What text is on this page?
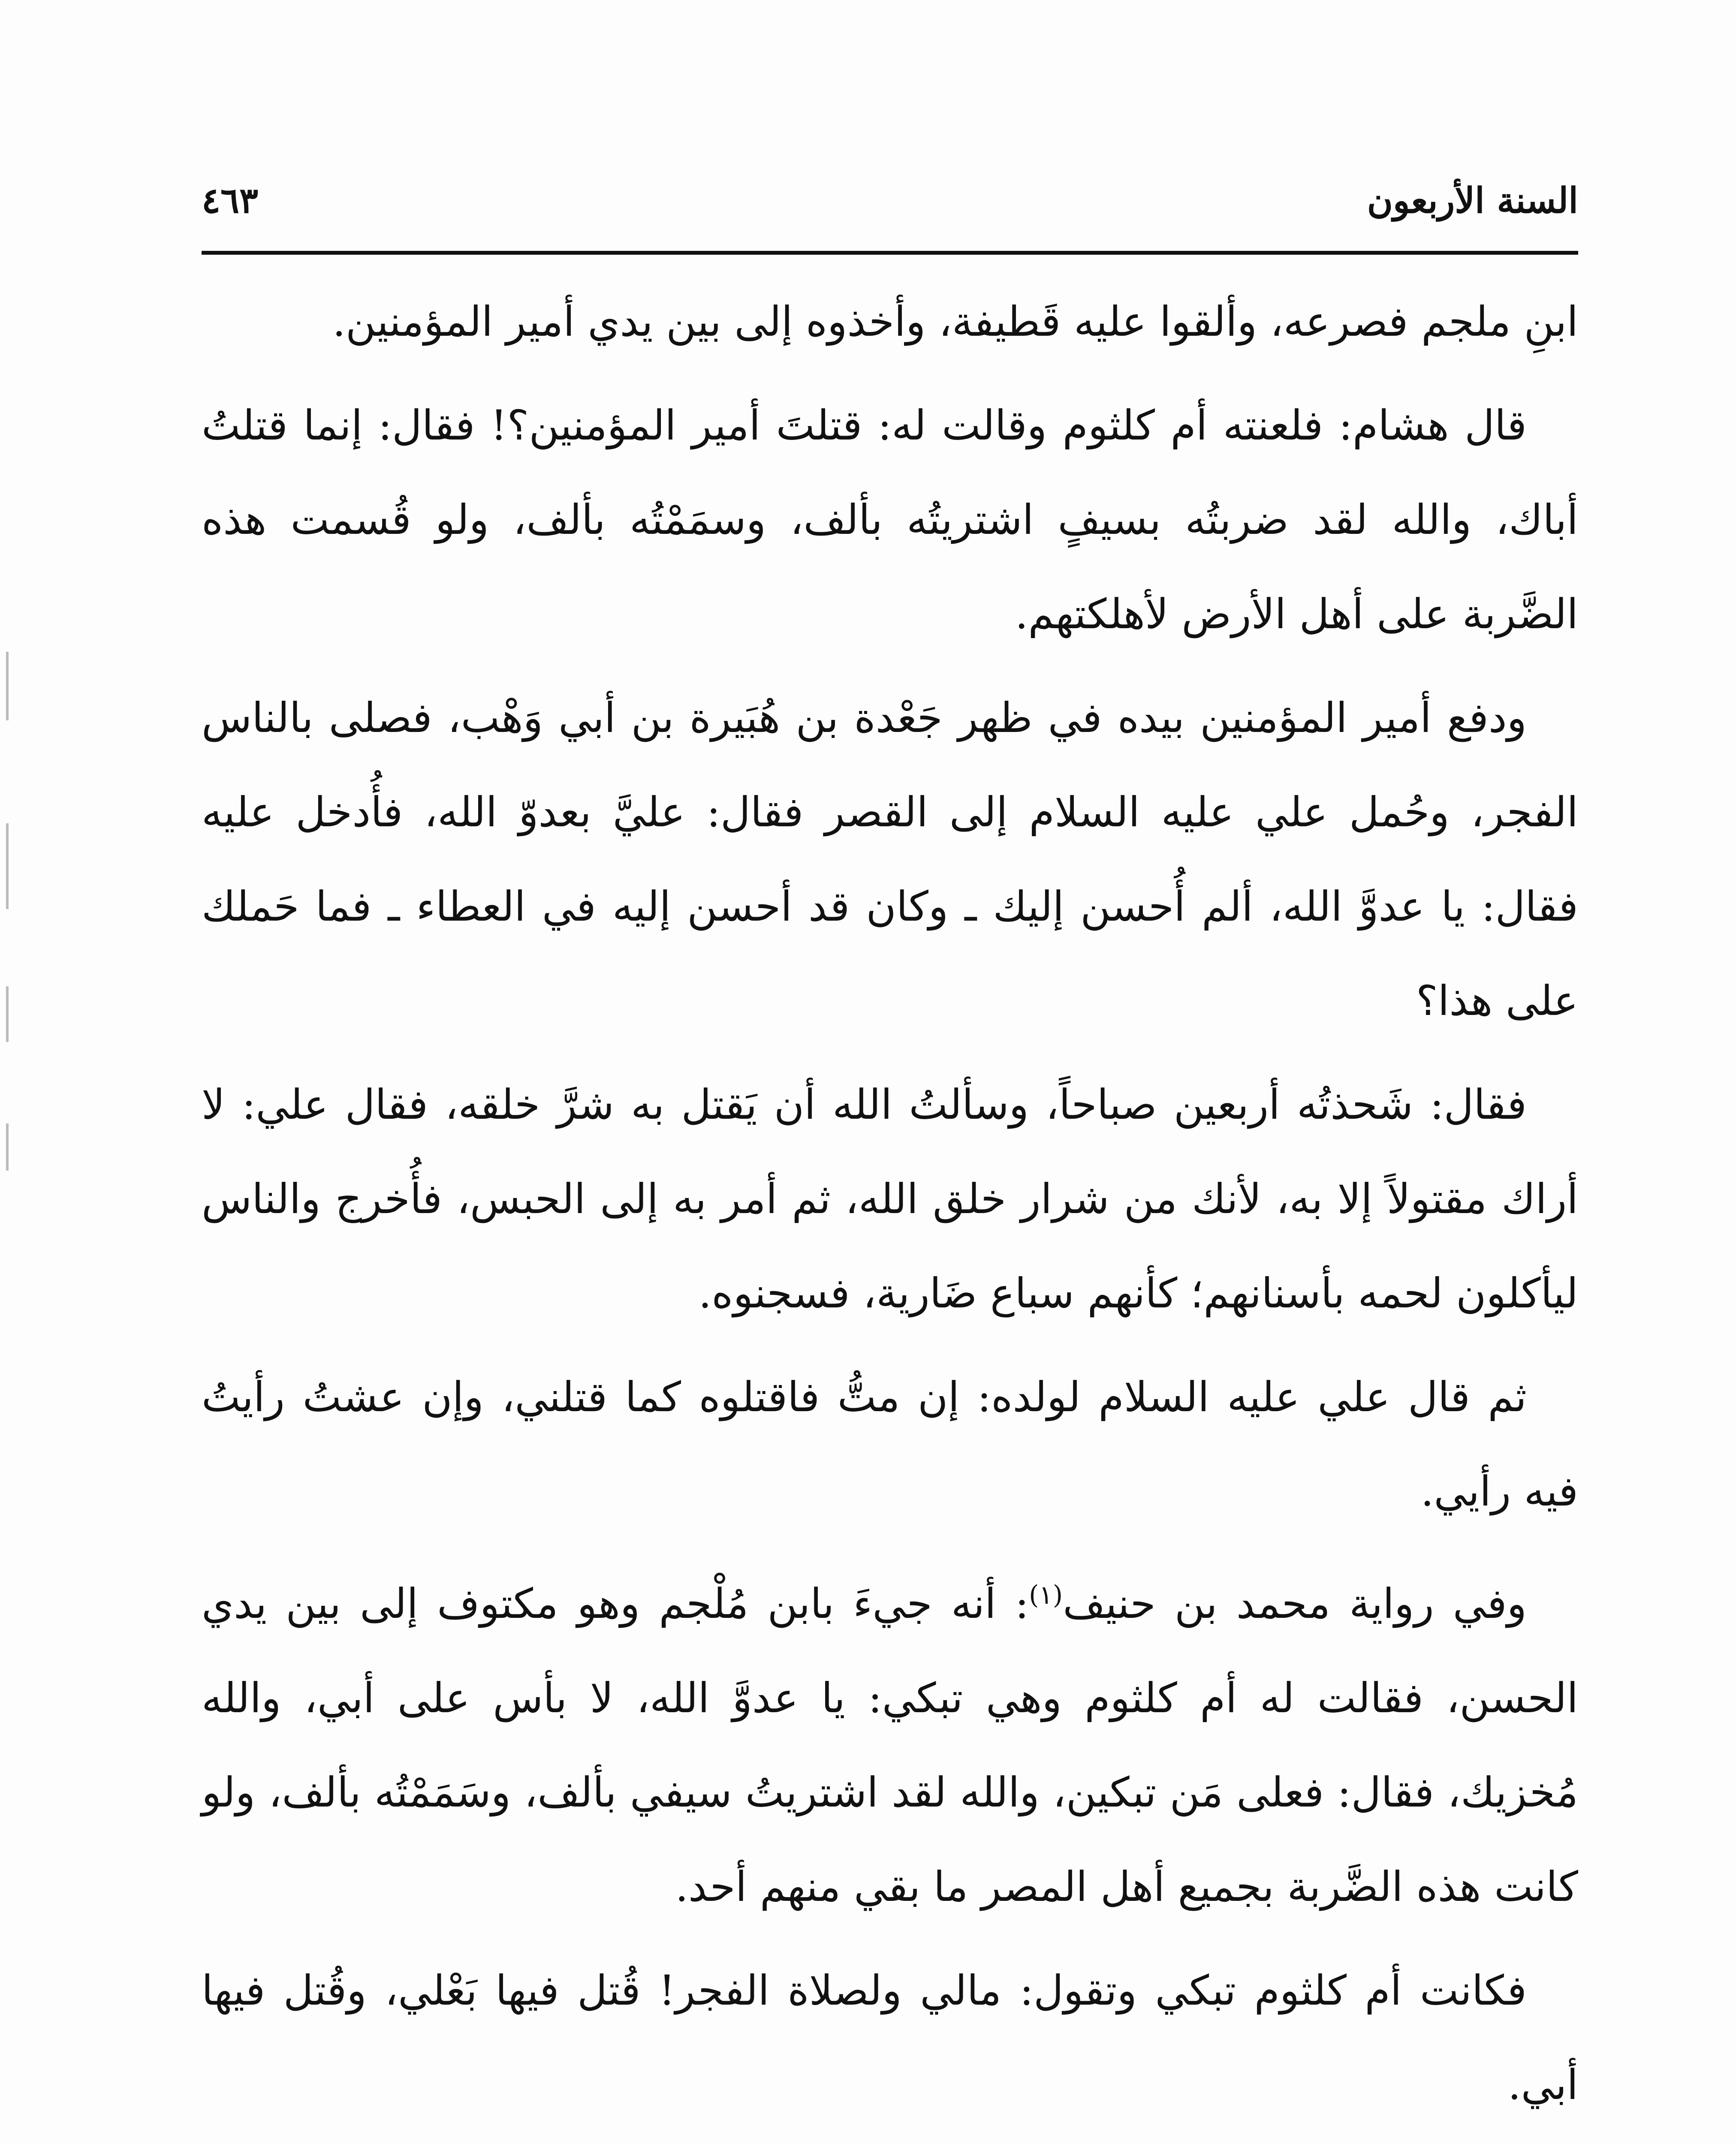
السنة الأربعون
٤٦٣

ابنِ ملجم فصرعه، وألقوا عليه قَطيفة، وأخذوه إلى بين يدي أمير المؤمنين.

قال هشام: فلعنته أم كلثوم وقالت له: قتلتَ أمير المؤمنين؟! فقال: إنما قتلتُ أباك، والله لقد ضربتُه بسيفٍ اشتريتُه بألف، وسمَمْتُه بألف، ولو قُسمت هذه الضَّربة على أهل الأرض لأهلكتهم.

ودفع أمير المؤمنين بيده في ظهر جَعْدة بن هُبَيرة بن أبي وَهْب، فصلى بالناس الفجر، وحُمل علي عليه السلام إلى القصر فقال: عليَّ بعدوّ الله، فأُدخل عليه فقال: يا عدوَّ الله، ألم أُحسن إليك ـ وكان قد أحسن إليه في العطاء ـ فما حَملك على هذا؟

فقال: شَحذتُه أربعين صباحاً، وسألتُ الله أن يَقتل به شرَّ خلقه، فقال علي: لا أراك مقتولاً إلا به، لأنك من شرار خلق الله، ثم أمر به إلى الحبس، فأُخرج والناس ليأكلون لحمه بأسنانهم؛ كأنهم سباع ضَارية، فسجنوه.

ثم قال علي عليه السلام لولده: إن متُّ فاقتلوه كما قتلني، وإن عشتُ رأيتُ فيه رأيي.

وفي رواية محمد بن حنيف$^{(١)}$: أنه جيءَ بابن مُلْجم وهو مكتوف إلى بين يدي الحسن، فقالت له أم كلثوم وهي تبكي: يا عدوَّ الله، لا بأس على أبي، والله مُخزيك، فقال: فعلى مَن تبكين، والله لقد اشتريتُ سيفي بألف، وسَمَمْتُه بألف، ولو كانت هذه الضَّربة بجميع أهل المصر ما بقي منهم أحد.

فكانت أم كلثوم تبكي وتقول: مالي ولصلاة الفجر! قُتل فيها بَعْلي، وقُتل فيها أبي.
